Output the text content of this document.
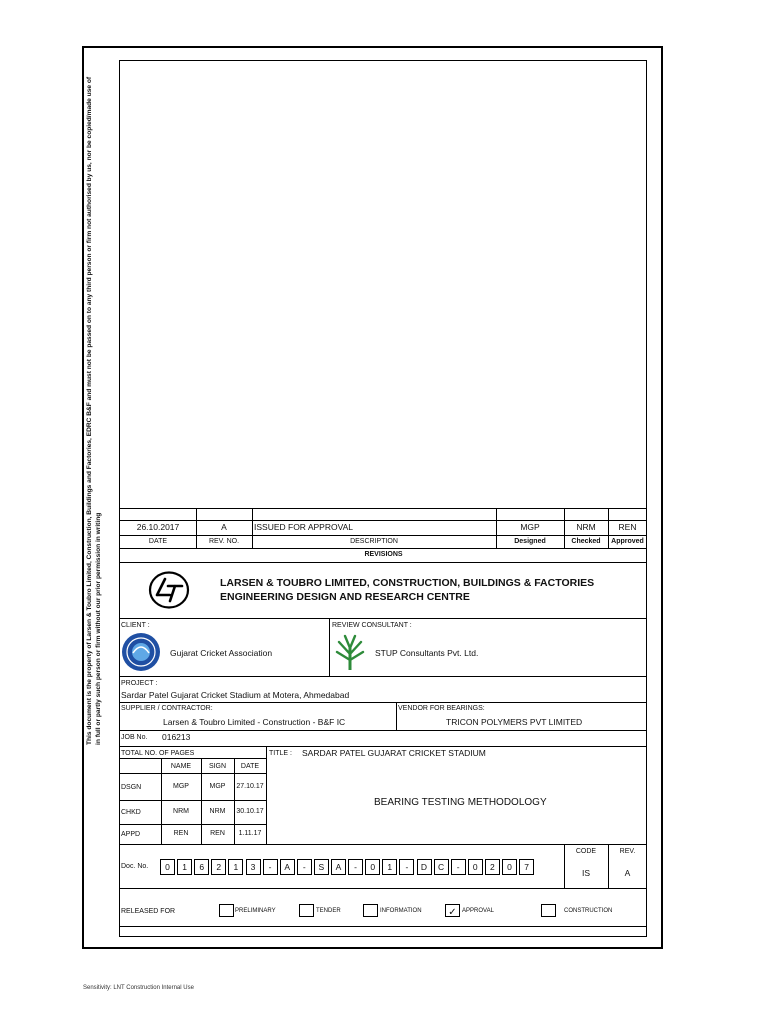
This document is the property of Larsen & Toubro Limited, Construction, Buildings and Factories, EDRC B&F and must not be passed on to any third person or firm not authorised by us, nor be copied/made use of in full or partly such person or firm without our prior permission in writing	26.10.2017	A	ISSUED FOR APPROVAL	MGP	NRM	REN
DATE	REV. NO.	DESCRIPTION	Designed	Checked	Approved
REVISIONS
LARSEN & TOUBRO LIMITED, CONSTRUCTION, BUILDINGS & FACTORIES
ENGINEERING DESIGN AND RESEARCH CENTRE
CLIENT :
Gujarat Cricket Association
REVIEW CONSULTANT :
STUP Consultants Pvt. Ltd.
PROJECT :
Sardar Patel Gujarat Cricket Stadium at Motera, Ahmedabad
SUPPLIER / CONTRACTOR:
Larsen & Toubro Limited - Construction - B&F IC
VENDOR FOR BEARINGS:
TRICON POLYMERS PVT LIMITED
JOB No. 016213
TOTAL NO. OF PAGES	TITLE : SARDAR PATEL GUJARAT CRICKET STADIUM
BEARING TESTING METHODOLOGY
NAME	SIGN	DATE
DSGN	MGP	MGP	27.10.17
CHKD	NRM	NRM	30.10.17
APPD	REN	REN	1.11.17
Doc. No.	0	1	6	2	1	3	-	A	-	S	A	-	0	1	-	D	C	-	0	2	0	7
CODE	REV.
IS	A
RELEASED FOR	PRELIMINARY	TENDER	INFORMATION	✓ APPROVAL	CONSTRUCTION
Sensitivity: LNT Construction Internal Use
